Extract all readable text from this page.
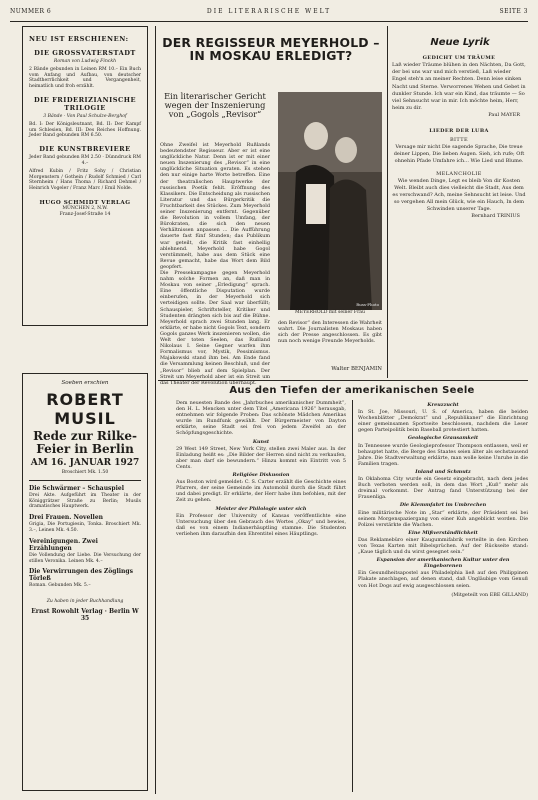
NUMMER 6	DIE LITERARISCHE WELT	SEITE 3
NEU IST ERSCHIENEN:
DIE GROSSVATERSTADT
Roman von Ludwig Finckh
2 Bände gebunden in Leinen RM 10.– Ein Buch vom Anfang und Aufbau, von deutscher Stadtherrlichkeit und Vergangenheit, heimatlich und froh erzählt.
DIE FRIDERIZIANISCHE TRILOGIE
3 Bände · Von Paul Schulze-Berghof
Bd. I: Der Königsleutnant, Bd. II: Der Kampf um Schlesien, Bd. III: Des Reiches Hoffnung. Jeder Band gebunden RM 6.50.
DIE KUNSTBREVIERE
Jeder Band gebunden RM 2.50 · Dünndruck RM 4.–
Alfred Kubin / Fritz Sohy / Christian Morgenstern / Gothein / Rudolf Schmied / Carl Sternheim / Hans Thoma / Richard Dehmel / Heinrich Vogeler / Franz Marc / Emil Nolde.
HUGO SCHMIDT VERLAG
MÜNCHEN 2, N.W.
Franz-Josef-Straße 14
Soeben erschien
ROBERT MUSIL
Rede zur Rilke-Feier in Berlin
AM 16. JANUAR 1927
Broschiert Mk. 1.50
Die Schwärmer – Schauspiel
Drei Akte. Aufgeführt im Theater in der Königgrätzer Straße zu Berlin; Musils dramatisches Hauptwerk.
Drei Frauen. Novellen
Grigia, Die Portugiesin, Tonka. Broschiert Mk. 3.–, Leinen Mk. 4.50.
Vereinigungen. Zwei Erzählungen
Die Vollendung der Liebe. Die Versuchung der stillen Veronika. Leinen Mk. 4.–
Die Verwirrungen des Zöglings Törleß
Roman. Gebunden Mk. 5.–
Zu haben in jeder Buchhandlung
Ernst Rowohlt Verlag · Berlin W 35
DER REGISSEUR MEYERHOLD – IN MOSKAU ERLEDIGT?
Ein literarischer Gericht wegen der Inszenierung von „Gogols „Revisor“
Ohne Zweifel ist Meyerhold Rußlands bedeutendster Regisseur. Aber er ist eine unglückliche Natur. Denn ist er mit einer neuen Inszenierung des „Revisor“ in eine unglückliche Situation geraten. Es stehen den nur einige harte Worte betreffen. Eine der theatralischen Hauptwerke der russischen Poetik fehlt. Eröffnung des Klassikers. Die Entscheidung als russischen Literatur und das Bürgerkritik die Fruchtbarkeit des Stückes. Zum Meyerhold seiner Inszenierung entfernt. Gegenüber die Revolution in vollem Umfang, der Bürokraten, die sich den neuen Verhältnissen anpassen ... Die Aufführung dauerte fast fünf Stunden; das Publikum war geteilt, die Kritik fast einhellig ablehnend. Meyerhold habe Gogol verstümmelt, habe aus dem Stück eine Revue gemacht, habe das Wort dem Bild geopfert.
Die Pressekampagne gegen Meyerhold nahm solche Formen an, daß man in Moskau von seiner „Erledigung“ sprach. Eine öffentliche Disputation wurde einberufen, in der Meyerhold sich verteidigen sollte. Der Saal war überfüllt; Schauspieler, Schriftsteller, Kritiker und Studenten drängten sich bis auf die Bühne. Meyerhold sprach zwei Stunden lang. Er erklärte, er habe nicht Gogols Text, sondern Gogols ganzes Werk inszenieren wollen, die Welt der toten Seelen, das Rußland Nikolaus I. Seine Gegner warfen ihm Formalismus vor, Mystik, Pessimismus. Majakowski stand ihm bei. Am Ende fand die Versammlung keinen Beschluß, und der „Revisor“ blieb auf dem Spielplan. Der Streit um Meyerhold aber ist ein Streit um das Theater der Revolution überhaupt.
Russ-Photo
MEYERHOLD mit seiner Frau
den Revisor“ den Interessen die Wahrheit wahrt. Die Journalisten Moskaus haben sich der Presse angeschlossen. Es gibt nun noch wenige Freunde Meyerholds.
Walter BENJAMIN
Neue Lyrik
GEDICHT UM TRÄUME
Laß wieder Träume blühen in den Nächten, Da Gott, der bei uns war und mich verstieß, Laß wieder Engel steh'n an meiner Rechten. Denn leise sinken Nacht und Sterne. Verworrenes Wehen und Gebet in dunkler Stunde. Ich war ein Kind, das träumte — So viel Sehnsucht war in mir. Ich möchte heim, Herr, heim zu dir.
Paul MAYER
LIEDER DER LUBA
BITTE
Versage mir nicht Die sagende Sprache, Die treue deiner Lippen, Die lieben Augen. Sieh, ich rufe; Oft ohnehin Pfade Umfahre ich... Wie Lied und Blume.
MELANCHOLIE
Wie wenden Dinge, Legt es bleib Von dir Kosten Welt. Bleibt auch dies vielleicht die Stadt, Aus dem es verschwand? Ach, meine Sehnsucht ist leise. Und so vergehen All mein Glück, wie ein Hauch, In dem Schwinden unserer Tage.
Bernhard TRINIUS
Aus den Tiefen der amerikanischen Seele
Dem neuesten Bande des „Jahrbuches amerikanischer Dummheit“, den H. L. Mencken unter dem Titel „Americana 1926“ herausgab, entnehmen wir folgende Proben: Das schönste Mädchen Amerikas wurde im Rundfunk gewählt. Der Bürgermeister von Dayton erklärte, seine Stadt sei frei von jedem Zweifel an der Schöpfungsgeschichte.
Kunst
29 West 149 Street, New York City, stellen zwei Maler aus. In der Einladung heißt es: „Die Bilder der Herren sind nicht zu verkaufen, aber man darf sie bewundern.“ Hinzu kommt ein Eintritt von 5 Cents.
Religiöse Diskussion
Aus Boston wird gemeldet: C. S. Carter erzählt die Geschichte eines Pfarrers, der seine Gemeinde im Automobil durch die Stadt führt und dabei predigt. Er erklärte, der Herr habe ihm befohlen, mit der Zeit zu gehen.
Meister der Philologie unter sich
Ein Professor der University of Kansas veröffentlichte eine Untersuchung über den Gebrauch des Wortes „Okay“ und bewies, daß es von einem Indianerhäuptling stamme. Die Studenten verliehen ihm daraufhin den Ehrentitel eines Häuptlings.
Kreuzzucht
In St. Joe, Missouri, U. S. of America, haben die beiden Wochenblätter „Demokrat“ und „Republikaner“ die Einrichtung einer gemeinsamen Sportseite beschlossen, nachdem die Leser gegen Parteipolitik beim Baseball protestiert hatten.
Geologische Grausamkeit
In Tennessee wurde Geologieprofessor Thompson entlassen, weil er behauptet hatte, die Berge des Staates seien älter als sechstausend Jahre. Die Stadtverwaltung erklärte, man wolle keine Unruhe in die Familien tragen.
Inland und Schmutz
In Oklahoma City wurde ein Gesetz eingebracht, nach dem jedes Buch verboten werden soll, in dem das Wort „Kuß“ mehr als dreimal vorkommt. Der Antrag fand Unterstützung bei der Frauenliga.
Die Klemmfahrt im Umbrechen
Eine militärische Note im „Star“ erklärte, der Präsident sei bei seinem Morgenspaziergang von einer Kuh angeblickt worden. Die Polizei verstärkte die Wachen.
Eine Mißverständlichkeit
Das Reklamebüro einer Kaugummifabrik verteilte in den Kirchen von Texas Karten mit Bibelsprüchen. Auf der Rückseite stand: „Kaue täglich und du wirst gesegnet sein.“
Expansion der amerikanischen Kultur unter den Eingeborenen
Ein Gesundheitsapostel aus Philadelphia ließ auf den Philippinen Plakate anschlagen, auf denen stand, daß Ungläubige vom Genuß von Hot Dogs auf ewig ausgeschlossen seien.
(Mitgeteilt von EBE GILLAND)
